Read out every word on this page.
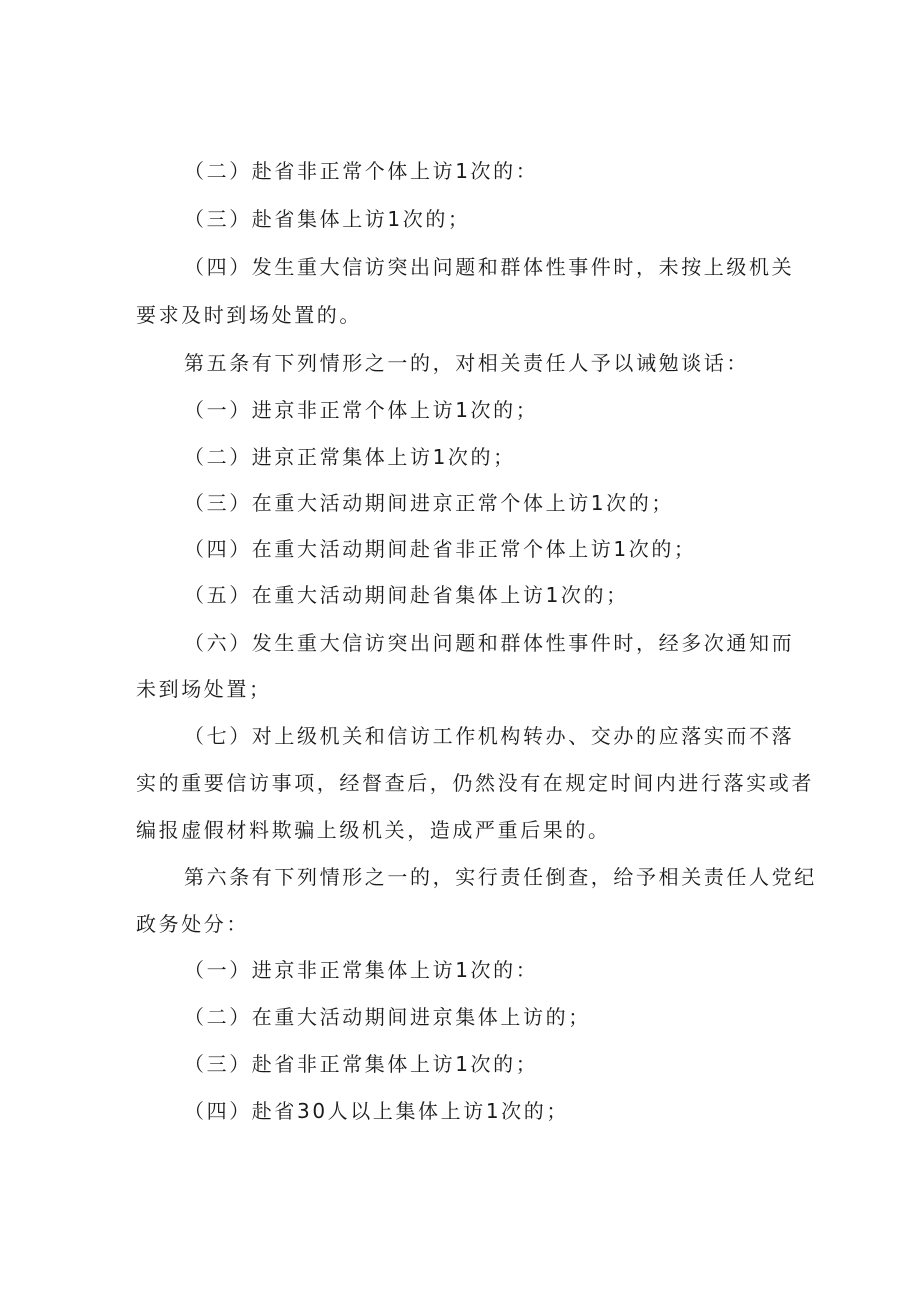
（二）赴省非正常个体上访1次的：
（三）赴省集体上访1次的；
（四）发生重大信访突出问题和群体性事件时，未按上级机关
要求及时到场处置的。
第五条有下列情形之一的，对相关责任人予以诫勉谈话：
（一）进京非正常个体上访1次的；
（二）进京正常集体上访1次的；
（三）在重大活动期间进京正常个体上访1次的；
（四）在重大活动期间赴省非正常个体上访1次的；
（五）在重大活动期间赴省集体上访1次的；
（六）发生重大信访突出问题和群体性事件时，经多次通知而
未到场处置；
（七）对上级机关和信访工作机构转办、交办的应落实而不落
实的重要信访事项，经督查后，仍然没有在规定时间内进行落实或者
编报虚假材料欺骗上级机关，造成严重后果的。
第六条有下列情形之一的，实行责任倒查，给予相关责任人党纪
政务处分：
（一）进京非正常集体上访1次的：
（二）在重大活动期间进京集体上访的；
（三）赴省非正常集体上访1次的；
（四）赴省30人以上集体上访1次的；
